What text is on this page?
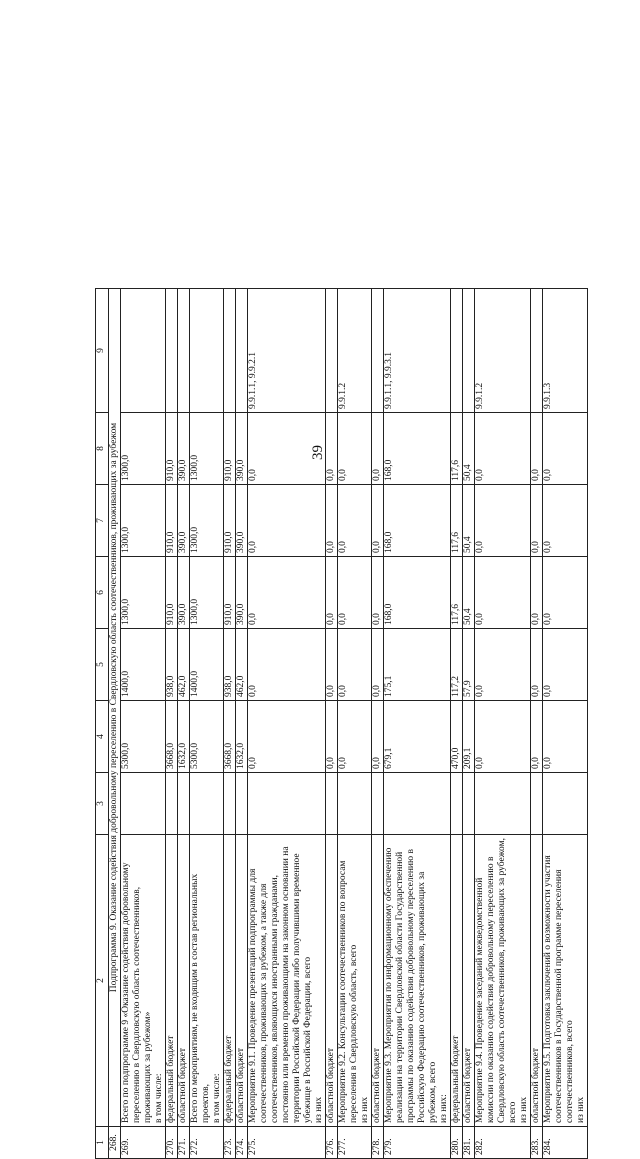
39
1	2	3	4	5	6	7	8	9
268.	Подпрограмма 9. Оказание содействия добровольному переселению в Свердловскую область соотечественников, проживающих за рубежом							
269.	Всего по подпрограмме 9 «Оказание содействия добровольному переселению в Свердловскую область соотечественников, проживающих за рубежом»
в том числе:		5300,0	1400,0	1300,0	1300,0	1300,0	
270.	федеральный бюджет		3668,0	938,0	910,0	910,0	910,0	
271.	областной бюджет		1632,0	462,0	390,0	390,0	390,0	
272.	Всего по мероприятиям, не входящим в состав региональных проектов,
в том числе:		5300,0	1400,0	1300,0	1300,0	1300,0	
273.	федеральный бюджет		3668,0	938,0	910,0	910,0	910,0	
274.	областной бюджет		1632,0	462,0	390,0	390,0	390,0	
275.	Мероприятие 9.1. Проведение презентаций подпрограммы для соотечественников, проживающих за рубежом, а также для соотечественников, являющихся иностранными гражданами, постоянно или временно проживающими на законном основании на территории Российской Федерации либо получившими временное убежище в Российской Федерации, всего
из них		0,0	0,0	0,0	0,0	0,0	9.9.1.1, 9.9.2.1
276.	областной бюджет		0,0	0,0	0,0	0,0	0,0	
277.	Мероприятие 9.2. Консультации соотечественников по вопросам переселения в Свердловскую область, всего
из них		0,0	0,0	0,0	0,0	0,0	9.9.1.2
278.	областной бюджет		0,0	0,0	0,0	0,0	0,0	
279.	Мероприятие 9.3. Мероприятия по информационному обеспечению реализации на территории Свердловской области Государственной программы по оказанию содействия добровольному переселению в Российскую Федерацию соотечественников, проживающих за рубежом, всего
из них:		679,1	175,1	168,0	168,0	168,0	9.9.1.1, 9.9.3.1
280.	федеральный бюджет		470,0	117,2	117,6	117,6	117,6	
281.	областной бюджет		209,1	57,9	50,4	50,4	50,4	
282.	Мероприятие 9.4. Проведение заседаний межведомственной комиссии по оказанию содействия добровольному переселению в Свердловскую область соотечественников, проживающих за рубежом, всего
из них		0,0	0,0	0,0	0,0	0,0	9.9.1.2
283.	областной бюджет		0,0	0,0	0,0	0,0	0,0	
284.	Мероприятие 9.5. Подготовка заключений о возможности участия соотечественников в Государственной программе переселения соотечественников, всего
из них		0,0	0,0	0,0	0,0	0,0	9.9.1.3
